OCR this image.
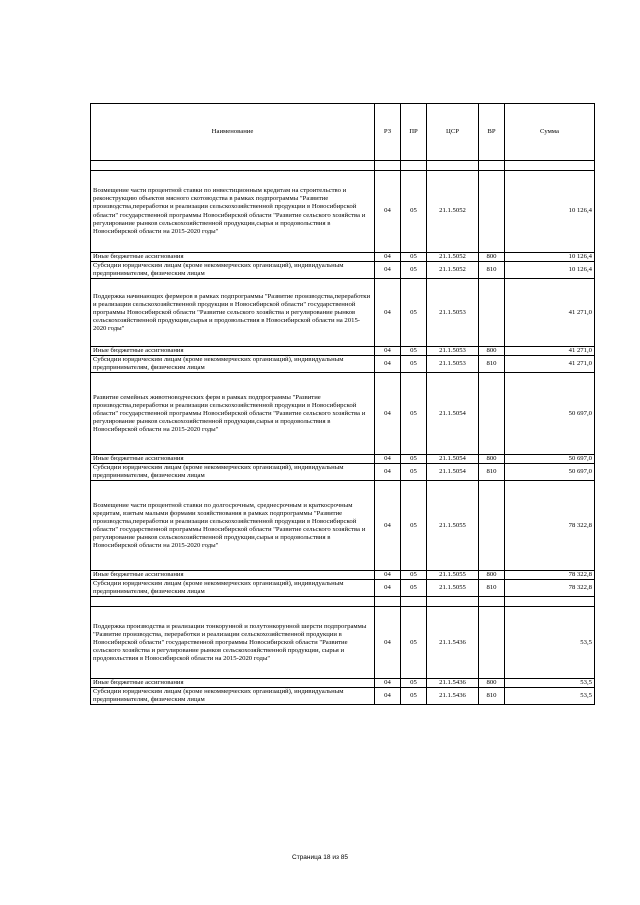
Наименование	РЗ	ПР	ЦСР	ВР	Сумма

Возмещение части процентной ставки по инвестиционным кредитам на строительство и реконструкцию объектов мясного скотоводства в рамках подпрограммы "Развитие производства,переработки и реализации сельскохозяйственной продукции в Новосибирской области" государственной программы Новосибирской области "Развитие сельского хозяйства и регулирование рынков сельскохозяйственной продукции,сырья и продовольствия в Новосибирской области на 2015-2020 годы"	04	05	21.1.5052		10 126,4
Иные бюджетные ассигнования	04	05	21.1.5052	800	10 126,4
Субсидии юридическим лицам (кроме некоммерческих организаций), индивидуальным предпринимателям, физическим лицам	04	05	21.1.5052	810	10 126,4
Поддержка начинающих фермеров в рамках подпрограммы "Развитие производства,переработки и реализации сельскохозяйственной продукции в Новосибирской области" государственной программы Новосибирской области "Развитие сельского хозяйства и регулирование рынков сельскохозяйственной продукции,сырья и продовольствия в Новосибирской области на 2015-2020 годы"	04	05	21.1.5053		41 271,0
Иные бюджетные ассигнования	04	05	21.1.5053	800	41 271,0
Субсидии юридическим лицам (кроме некоммерческих организаций), индивидуальным предпринимателям, физическим лицам	04	05	21.1.5053	810	41 271,0
Развитие семейных животноводческих ферм в рамках подпрограммы "Развитие производства,переработки и реализации сельскохозяйственной продукции в Новосибирской области" государственной программы Новосибирской области "Развитие сельского хозяйства и регулирование рынков сельскохозяйственной продукции,сырья и продовольствия в Новосибирской области на 2015-2020 годы"	04	05	21.1.5054		50 697,0
Иные бюджетные ассигнования	04	05	21.1.5054	800	50 697,0
Субсидии юридическим лицам (кроме некоммерческих организаций), индивидуальным предпринимателям, физическим лицам	04	05	21.1.5054	810	50 697,0
Возмещение части процентной ставки по долгосрочным, среднесрочным и краткосрочным кредитам, взятым малыми формами хозяйствования в рамках подпрограммы "Развитие производства,переработки и реализации сельскохозяйственной продукции в Новосибирской области" государственной программы Новосибирской области "Развитие сельского хозяйства и регулирование рынков сельскохозяйственной продукции,сырья и продовольствия в Новосибирской области на 2015-2020 годы"	04	05	21.1.5055		78 322,8
Иные бюджетные ассигнования	04	05	21.1.5055	800	78 322,8
Субсидии юридическим лицам (кроме некоммерческих организаций), индивидуальным предпринимателям, физическим лицам	04	05	21.1.5055	810	78 322,8

Поддержка производства и реализации тонкорунной и полутонкорунной шерсти подпрограммы "Развитие производства, переработки и реализации сельскохозяйственной продукции в Новосибирской области" государственной программы Новосибирской области "Развитие сельского хозяйства и регулирование рынков сельскохозяйственной продукции, сырья и продовольствия в Новосибирской области на 2015-2020 годы"	04	05	21.1.5436		53,5
Иные бюджетные ассигнования	04	05	21.1.5436	800	53,5
Субсидии юридическим лицам (кроме некоммерческих организаций), индивидуальным предпринимателям, физическим лицам	04	05	21.1.5436	810	53,5
Страница 18 из 85
